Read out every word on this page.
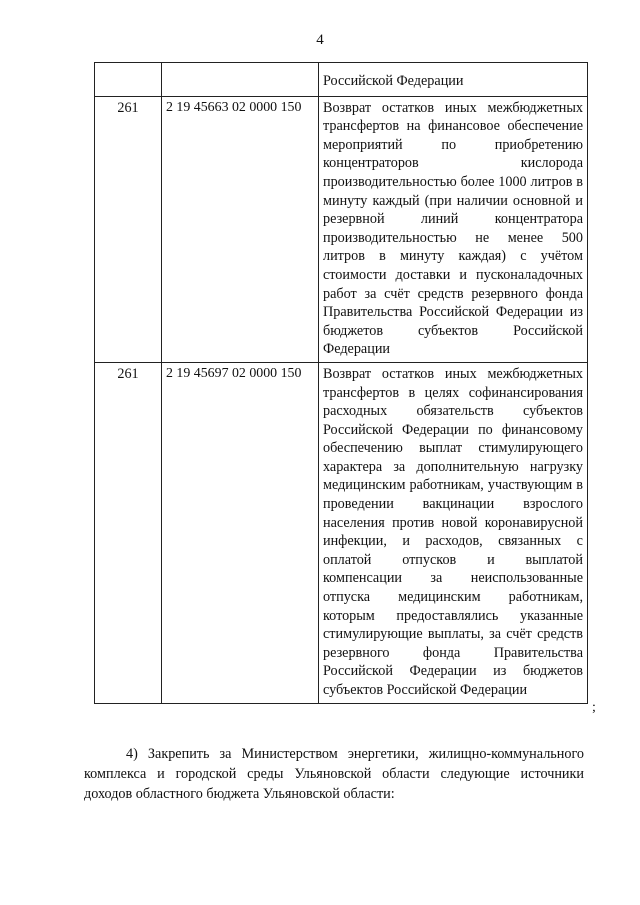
4
		Российской Федерации
261	2 19 45663 02 0000 150	Возврат остатков иных межбюджетных трансфертов на финансовое обеспечение мероприятий по приобретению концентраторов кислорода производительностью более 1000 литров в минуту каждый (при наличии основной и резервной линий концентратора производительностью не менее 500 литров в минуту каждая) с учётом стоимости доставки и пусконаладочных работ за счёт средств резервного фонда Правительства Российской Федерации из бюджетов субъектов Российской Федерации
261	2 19 45697 02 0000 150	Возврат остатков иных межбюджетных трансфертов в целях софинансирования расходных обязательств субъектов Российской Федерации по финансовому обеспечению выплат стимулирующего характера за дополнительную нагрузку медицинским работникам, участвующим в проведении вакцинации взрослого населения против новой коронавирусной инфекции, и расходов, связанных с оплатой отпусков и выплатой компенсации за неиспользованные отпуска медицинским работникам, которым предоставлялись указанные стимулирующие выплаты, за счёт средств резервного фонда Правительства Российской Федерации из бюджетов субъектов Российской Федерации
;

4) Закрепить за Министерством энергетики, жилищно-коммунального комплекса и городской среды Ульяновской области следующие источники доходов областного бюджета Ульяновской области:
